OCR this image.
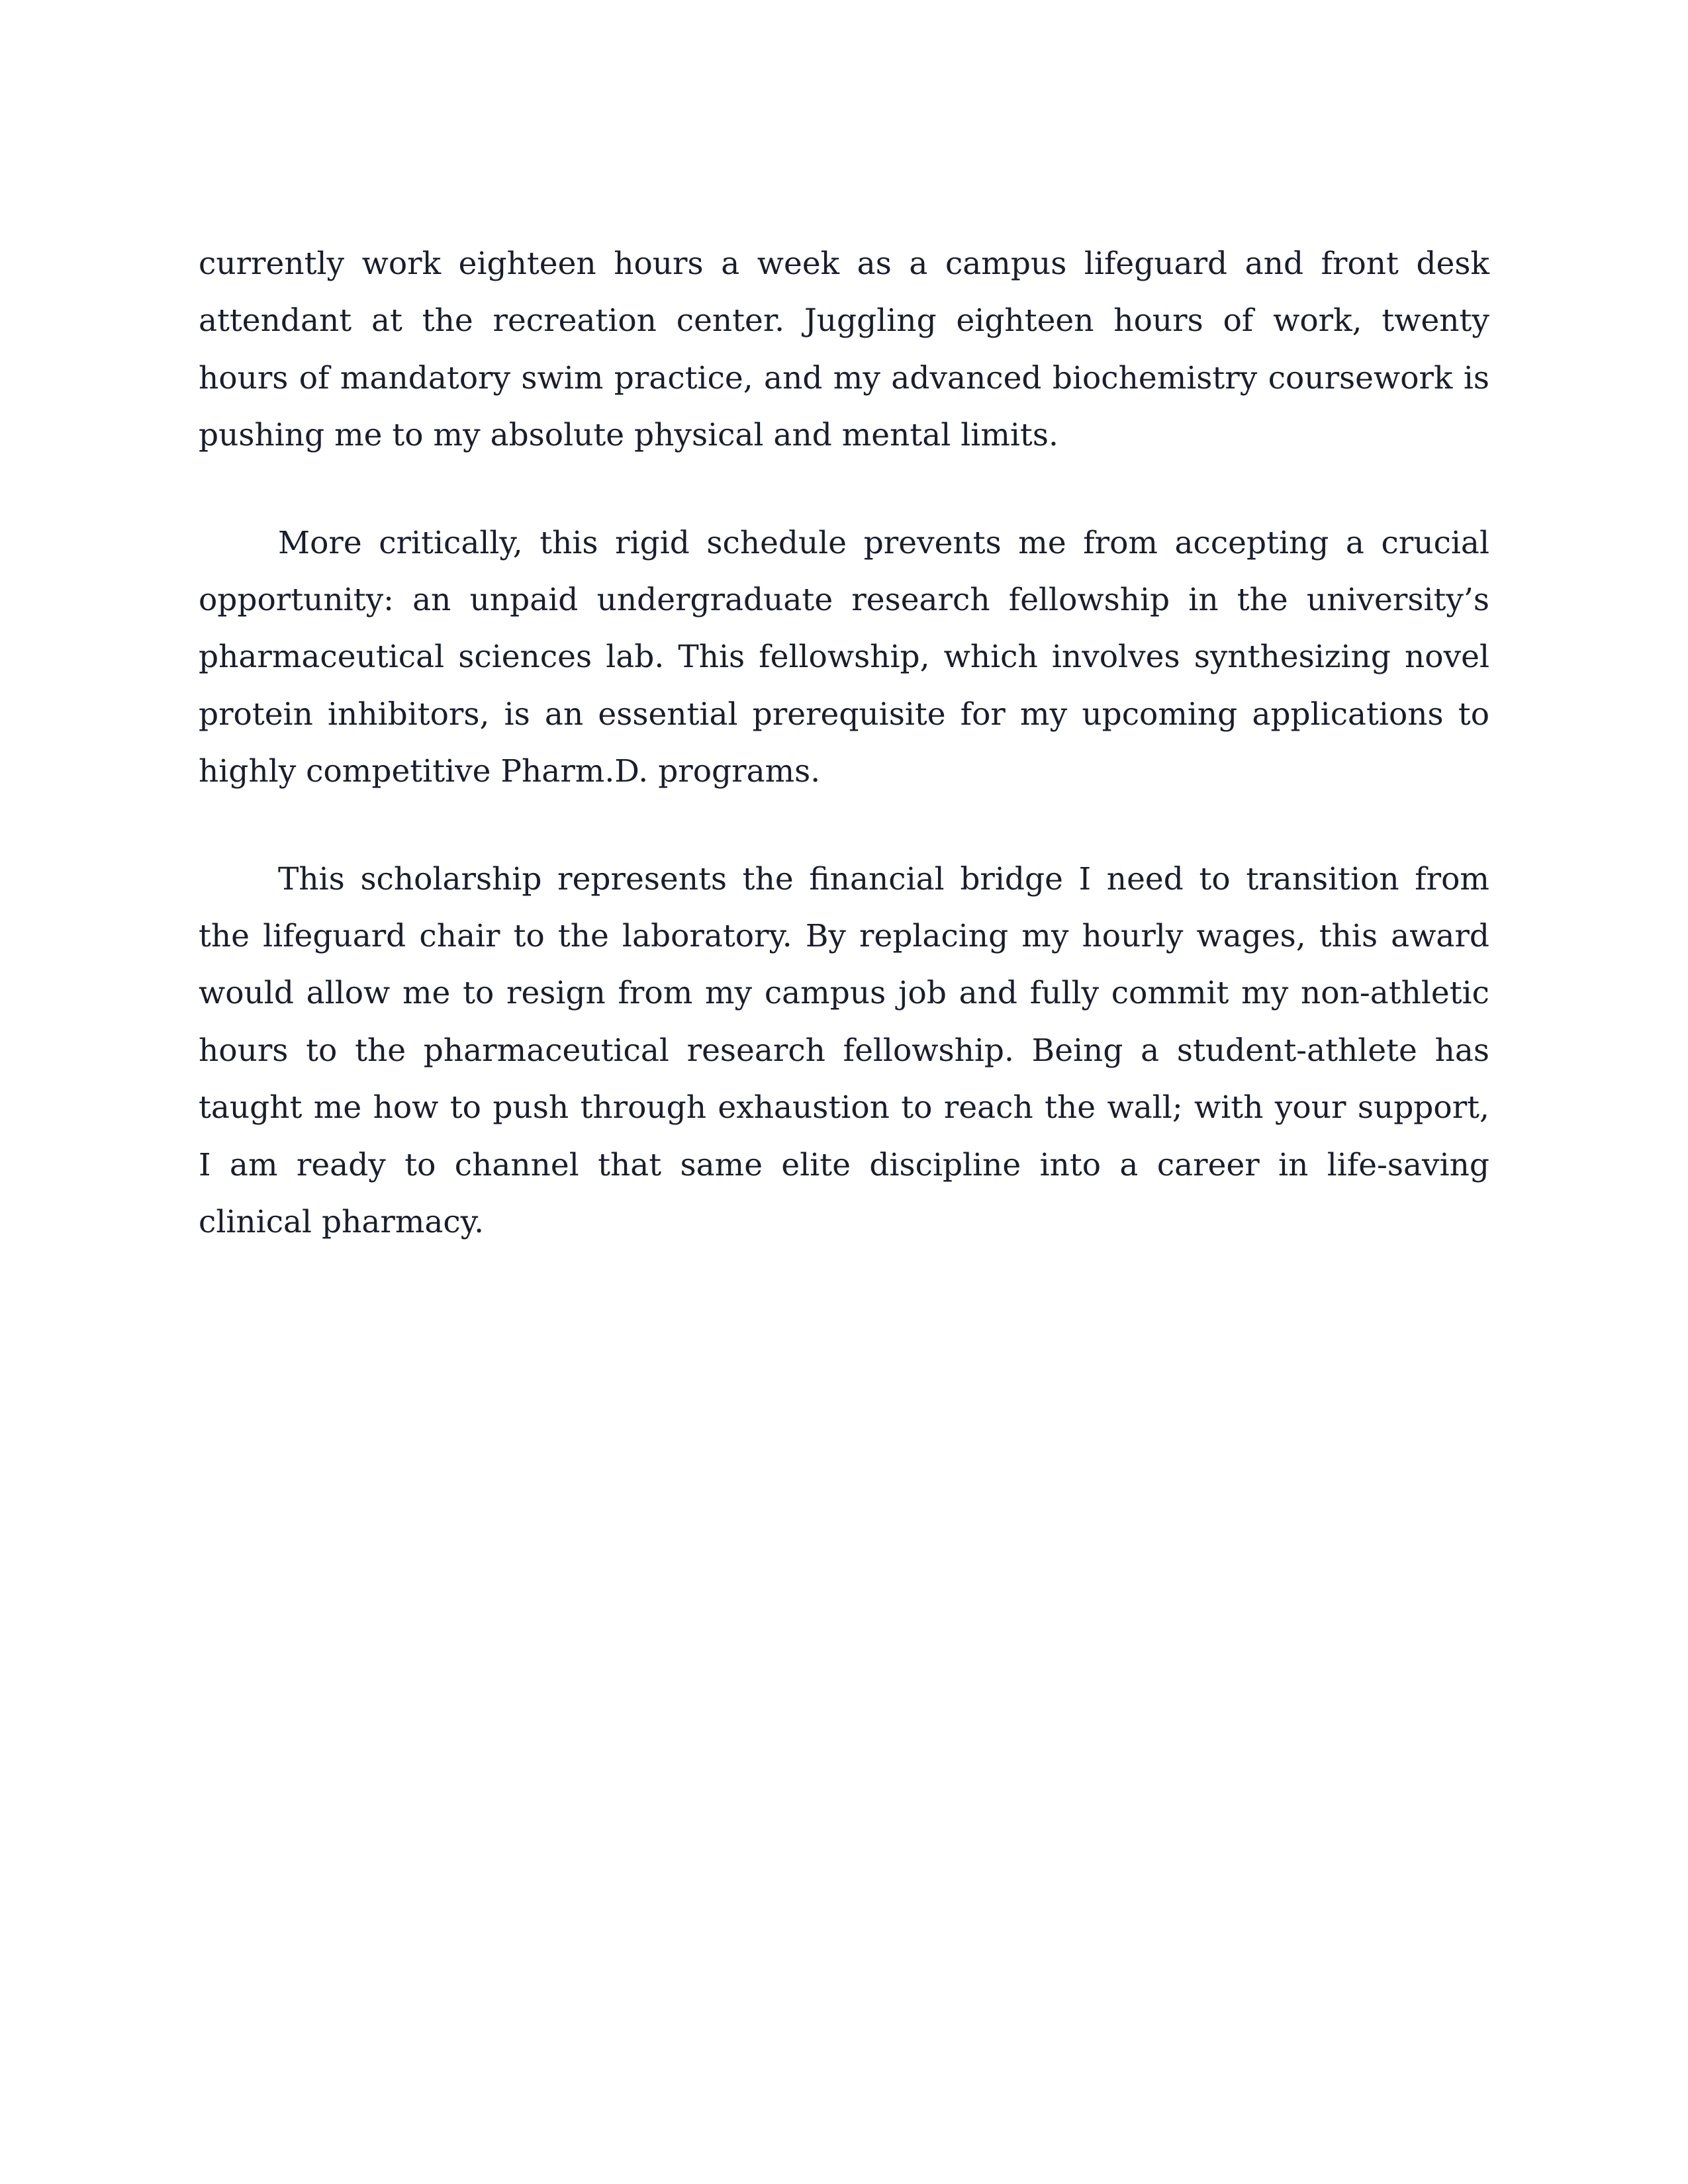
currently work eighteen hours a week as a campus lifeguard and front desk attendant at the recreation center. Juggling eighteen hours of work, twenty hours of mandatory swim practice, and my advanced biochemistry coursework is pushing me to my absolute physical and mental limits.

More critically, this rigid schedule prevents me from accepting a crucial opportunity: an unpaid undergraduate research fellowship in the university’s pharmaceutical sciences lab. This fellowship, which involves synthesizing novel protein inhibitors, is an essential prerequisite for my upcoming applications to highly competitive Pharm.D. programs.

This scholarship represents the financial bridge I need to transition from the lifeguard chair to the laboratory. By replacing my hourly wages, this award would allow me to resign from my campus job and fully commit my non-athletic hours to the pharmaceutical research fellowship. Being a student-athlete has taught me how to push through exhaustion to reach the wall; with your support, I am ready to channel that same elite discipline into a career in life-saving clinical pharmacy.
